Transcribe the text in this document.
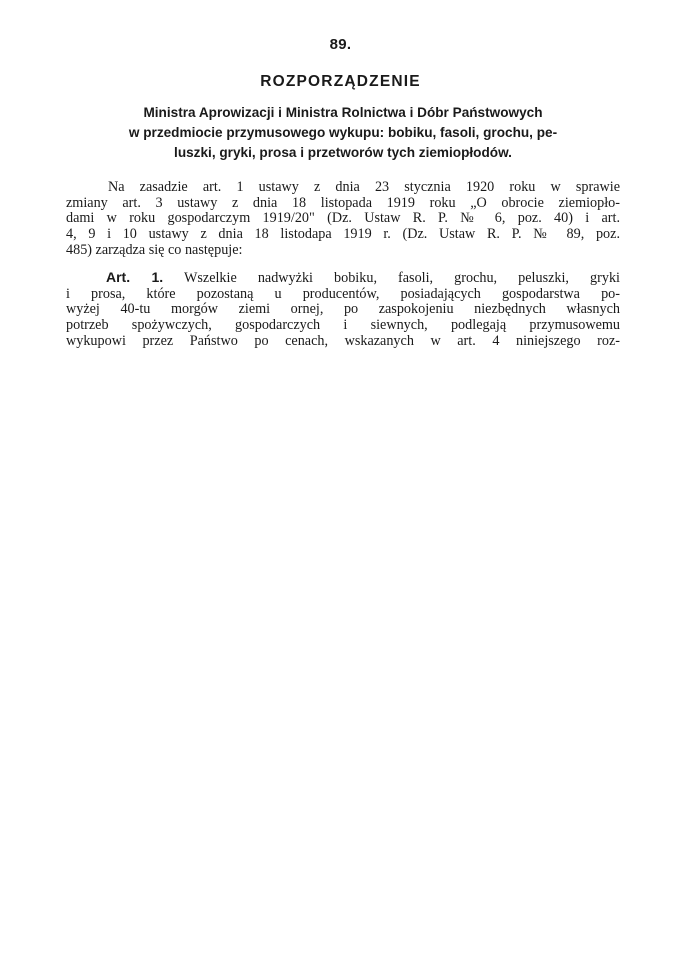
89.
ROZPORZĄDZENIE
Ministra Aprowizacji i Ministra Rolnictwa i Dóbr Państwowych
w przedmiocie przymusowego wykupu: bobiku, fasoli, grochu, pe-
luszki, gryki, prosa i przetworów tych ziemiopłodów.
Na zasadzie art. 1 ustawy z dnia 23 stycznia 1920 roku w sprawie
zmiany art. 3 ustawy z dnia 18 listopada 1919 roku „O obrocie ziemiopło-
dami w roku gospodarczym 1919/20" (Dz. Ustaw R. P. № 6, poz. 40) i art.
4, 9 i 10 ustawy z dnia 18 listodapa 1919 r. (Dz. Ustaw R. P. № 89, poz.
485) zarządza się co następuje:
Art. 1. Wszelkie nadwyżki bobiku, fasoli, grochu, peluszki, gryki
i prosa, które pozostaną u producentów, posiadających gospodarstwa po-
wyżej 40-tu morgów ziemi ornej, po zaspokojeniu niezbędnych własnych
potrzeb spożywczych, gospodarczych i siewnych, podlegają przymusowemu
wykupowi przez Państwo po cenach, wskazanych w art. 4 niniejszego roz-
